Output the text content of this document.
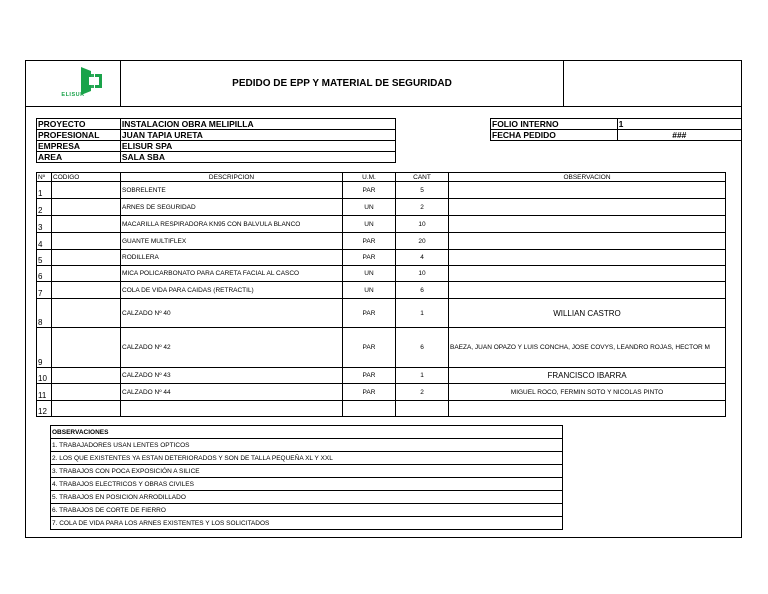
ELISUR
PEDIDO DE EPP Y MATERIAL DE SEGURIDAD
PROYECTO	INSTALACION OBRA MELIPILLA
PROFESIONAL	JUAN TAPIA URETA
EMPRESA	ELISUR SPA
AREA	SALA SBA
FOLIO INTERNO	1
FECHA PEDIDO	###
Nº	CODIGO	DESCRIPCION	U.M.	CANT	OBSERVACION
1		SOBRELENTE	PAR	5	
2		ARNES DE SEGURIDAD	UN	2	
3		MACARILLA RESPIRADORA KN95 CON BALVULA BLANCO	UN	10	
4		GUANTE MULTIFLEX	PAR	20	
5		RODILLERA	PAR	4	
6		MICA POLICARBONATO PARA CARETA FACIAL AL CASCO	UN	10	
7		COLA DE VIDA PARA CAIDAS (RETRACTIL)	UN	6	
8		CALZADO Nº 40	PAR	1	WILLIAN CASTRO
9		CALZADO Nº 42	PAR	6	BAEZA, JUAN OPAZO Y LUIS CONCHA, JOSE COVYS, LEANDRO ROJAS, HECTOR M
10		CALZADO Nº 43	PAR	1	FRANCISCO IBARRA
11		CALZADO Nº 44	PAR	2	MIGUEL ROCO, FERMIN SOTO Y NICOLAS PINTO
12					
OBSERVACIONES
1. TRABAJADORES USAN LENTES OPTICOS
2. LOS QUE EXISTENTES YA ESTAN DETERIORADOS Y SON DE TALLA PEQUEÑA XL Y XXL
3. TRABAJOS CON POCA EXPOSICIÓN A SILICE
4. TRABAJOS ELECTRICOS Y OBRAS CIVILES
5. TRABAJOS EN POSICION ARRODILLADO
6. TRABAJOS DE CORTE DE FIERRO
7. COLA DE VIDA PARA LOS ARNES EXISTENTES Y LOS SOLICITADOS
